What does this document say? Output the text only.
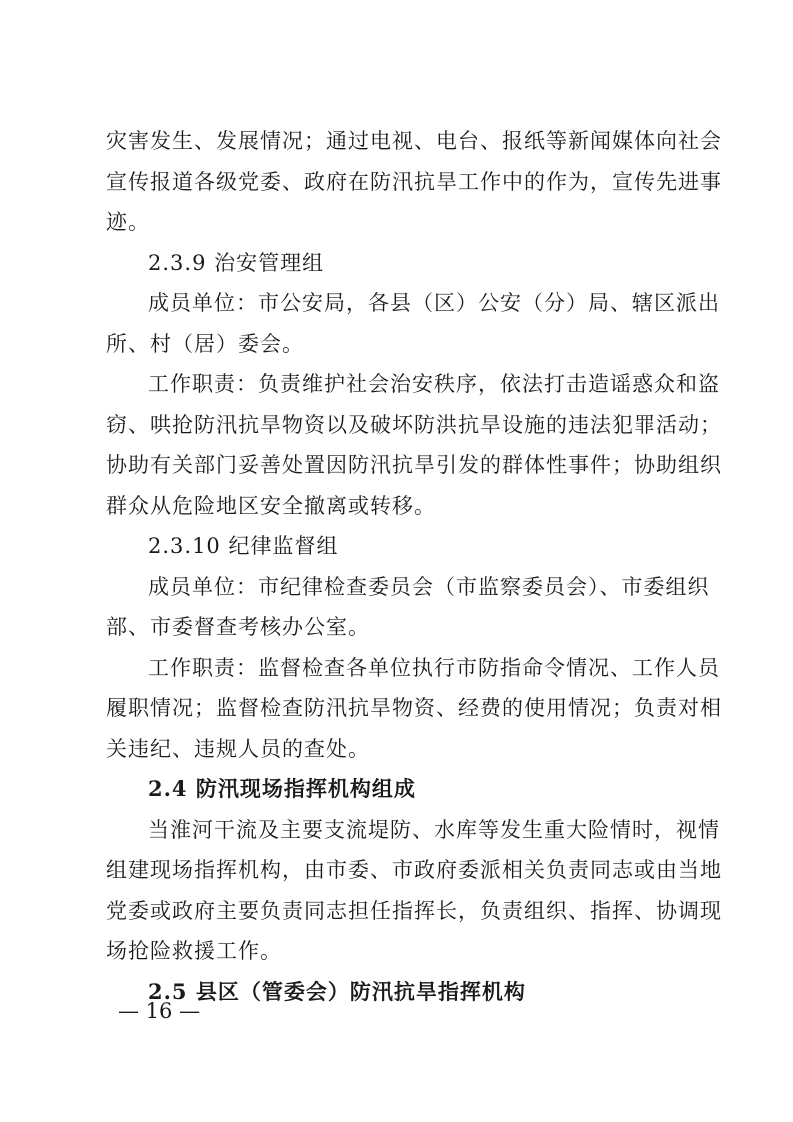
灾害发生、发展情况；通过电视、电台、报纸等新闻媒体向社会
宣传报道各级党委、政府在防汛抗旱工作中的作为，宣传先进事
迹。
2.3.9 治安管理组
成员单位：市公安局，各县（区）公安（分）局、辖区派出
所、村（居）委会。
工作职责：负责维护社会治安秩序，依法打击造谣惑众和盗
窃、哄抢防汛抗旱物资以及破坏防洪抗旱设施的违法犯罪活动；
协助有关部门妥善处置因防汛抗旱引发的群体性事件；协助组织
群众从危险地区安全撤离或转移。
2.3.10 纪律监督组
成员单位：市纪律检查委员会（市监察委员会）、市委组织
部、市委督查考核办公室。
工作职责：监督检查各单位执行市防指命令情况、工作人员
履职情况；监督检查防汛抗旱物资、经费的使用情况；负责对相
关违纪、违规人员的查处。
2.4 防汛现场指挥机构组成
当淮河干流及主要支流堤防、水库等发生重大险情时，视情
组建现场指挥机构，由市委、市政府委派相关负责同志或由当地
党委或政府主要负责同志担任指挥长，负责组织、指挥、协调现
场抢险救援工作。
2.5 县区（管委会）防汛抗旱指挥机构
— 16 —
